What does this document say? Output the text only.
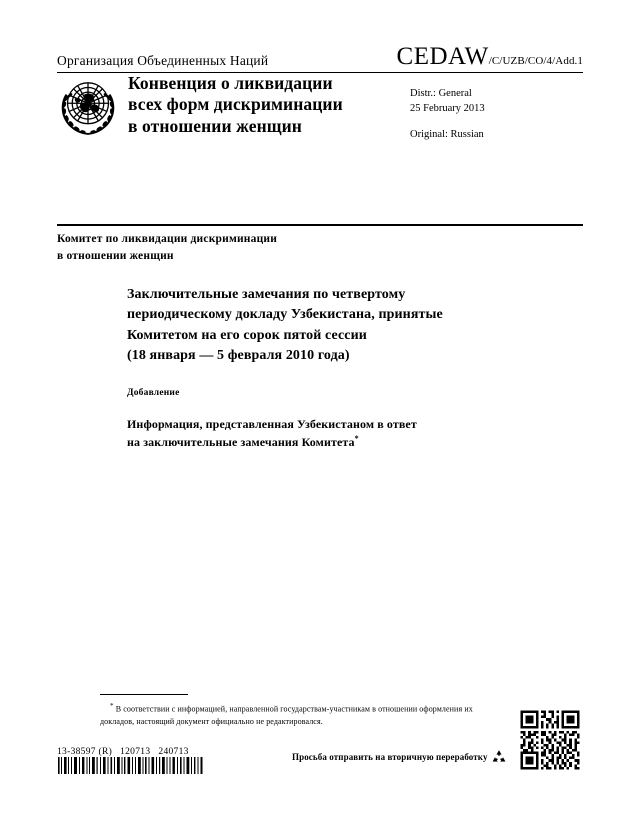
Организация Объединенных Наций	CEDAW /C/UZB/CO/4/Add.1
Конвенция о ликвидации
всех форм дискриминации
в отношении женщин
Distr.: General
25 February 2013
Original: Russian
Комитет по ликвидации дискриминации
в отношении женщин
Заключительные замечания по четвертому
периодическому докладу Узбекистана, принятые
Комитетом на его сорок пятой сессии
(18 января — 5 февраля 2010 года)
Добавление
Информация, представленная Узбекистаном в ответ
на заключительные замечания Комитета*
* В соответствии с информацией, направленной государствам-участникам в отношении оформления их докладов, настоящий документ официально не редактировался.
13-38597 (R)   120713   240713	Просьба отправить на вторичную переработку
